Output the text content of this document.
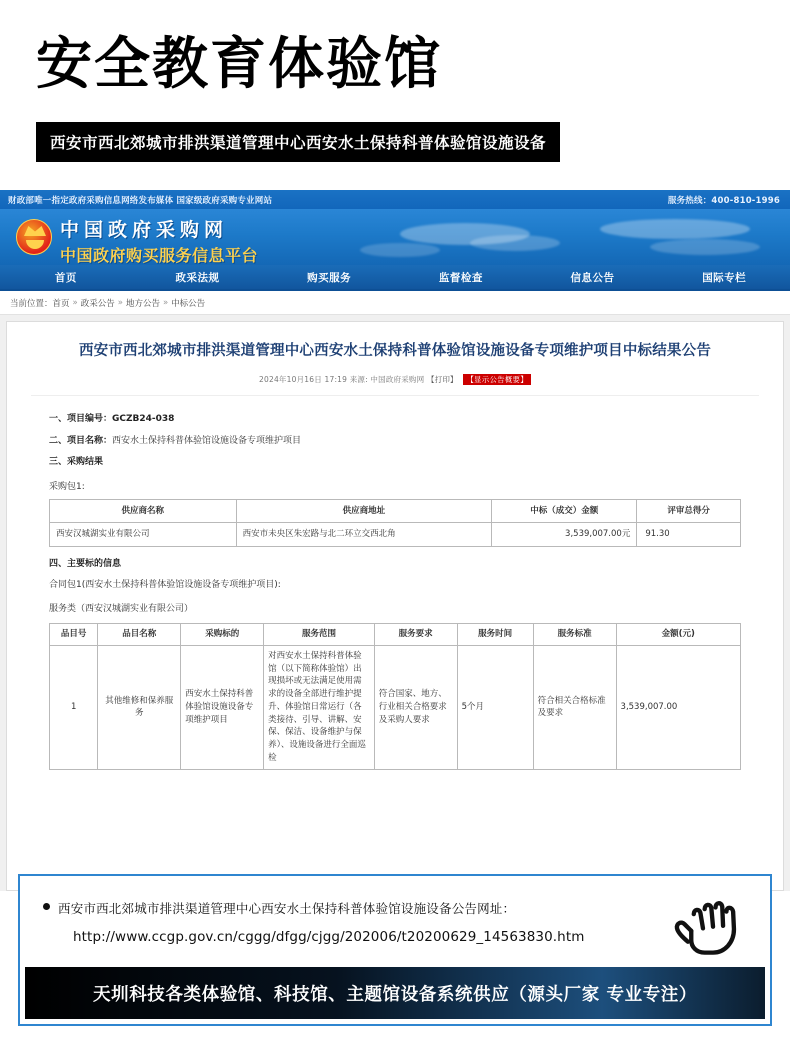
安全教育体验馆
西安市西北郊城市排洪渠道管理中心西安水土保持科普体验馆设施设备
财政部唯一指定政府采购信息网络发布媒体 国家级政府采购专业网站	服务热线：400-810-1996
中国政府采购网
中国政府购买服务信息平台
首页	政采法规	购买服务	监督检查	信息公告	国际专栏
当前位置： 首页 » 政采公告 » 地方公告 » 中标公告
西安市西北郊城市排洪渠道管理中心西安水土保持科普体验馆设施设备专项维护项目中标结果公告
2024年10月16日 17:19 来源: 中国政府采购网 【打印】 【显示公告概要】
一、项目编号：GCZB24-038
二、项目名称：西安水土保持科普体验馆设施设备专项维护项目
三、采购结果
采购包1:
供应商名称	供应商地址	中标（成交）金额	评审总得分
西安汉城湖实业有限公司	西安市未央区朱宏路与北二环立交西北角	3,539,007.00元	91.30
四、主要标的信息
合同包1(西安水土保持科普体验馆设施设备专项维护项目):
服务类（西安汉城湖实业有限公司）
品目号	品目名称	采购标的	服务范围	服务要求	服务时间	服务标准	金额(元)
1	其他维修和保养服务	西安水土保持科普体验馆设施设备专项维护项目	对西安水土保持科普体验馆（以下简称体验馆）出现损坏或无法满足使用需求的设备全部进行维护提升、体验馆日常运行（各类接待、引导、讲解、安保、保洁、设备维护与保养）、设施设备进行全面巡检	符合国家、地方、行业相关合格要求及采购人要求	5个月	符合相关合格标准及要求	3,539,007.00
西安市西北郊城市排洪渠道管理中心西安水土保持科普体验馆设施设备公告网址：
http://www.ccgp.gov.cn/cggg/dfgg/cjgg/202006/t20200629_14563830.htm
天圳科技各类体验馆、科技馆、主题馆设备系统供应（源头厂家 专业专注）
